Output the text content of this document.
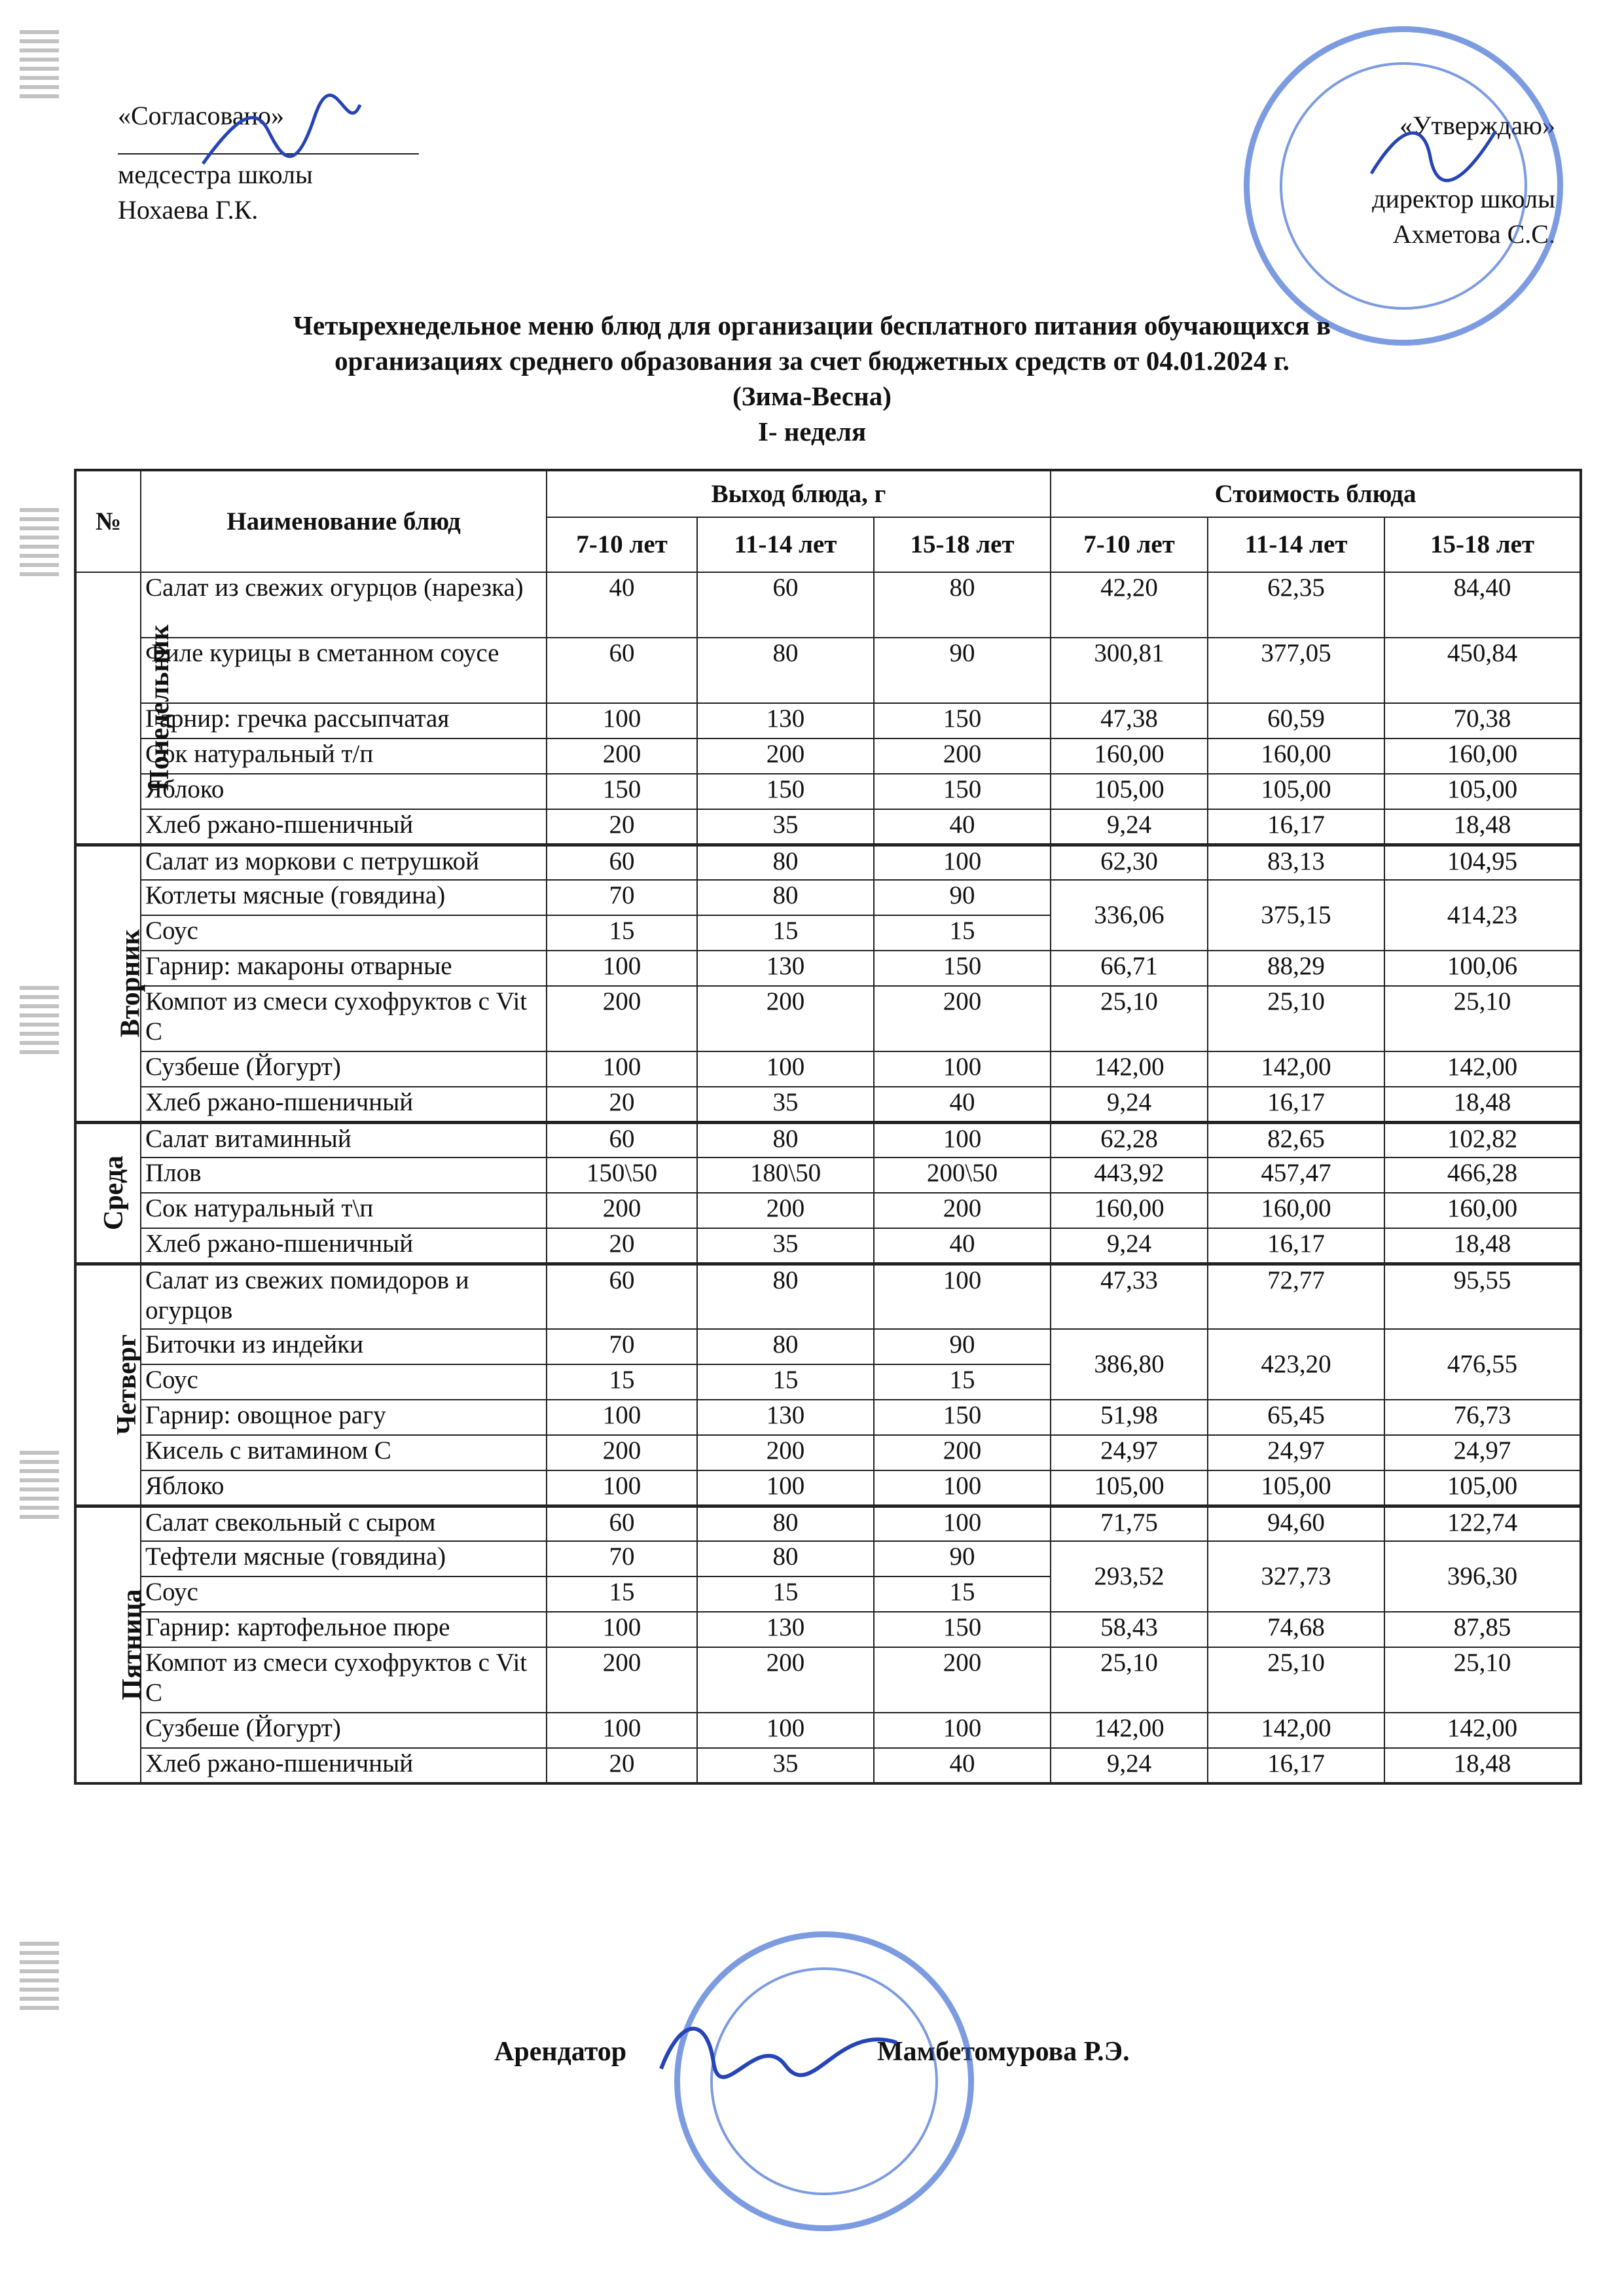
«Согласовано»
медсестра школы
Нохаева Г.К.
«Утверждаю»
директор школы
Ахметова С.С.
Четырехнедельное меню блюд для организации бесплатного питания обучающихся в
организациях среднего образования за счет бюджетных средств от 04.01.2024 г.
(Зима-Весна)
I- неделя
№	Наименование блюд	Выход блюда, г			Стоимость блюда		
		7-10 лет	11-14 лет	15-18 лет	7-10 лет	11-14 лет	15-18 лет
Понедельник	Салат из свежих огурцов (нарезка)	40	60	80	42,20	62,35	84,40
	Филе курицы в сметанном соусе	60	80	90	300,81	377,05	450,84
	Гарнир: гречка рассыпчатая	100	130	150	47,38	60,59	70,38
	Сок натуральный т/п	200	200	200	160,00	160,00	160,00
	Яблоко	150	150	150	105,00	105,00	105,00
	Хлеб ржано-пшеничный	20	35	40	9,24	16,17	18,48
Вторник	Салат из моркови с петрушкой	60	80	100	62,30	83,13	104,95
	Котлеты мясные (говядина)	70	80	90	336,06	375,15	414,23
	Соус	15	15	15			
	Гарнир: макароны отварные	100	130	150	66,71	88,29	100,06
	Компот из смеси сухофруктов с Vit C	200	200	200	25,10	25,10	25,10
	Сузбеше (Йогурт)	100	100	100	142,00	142,00	142,00
	Хлеб ржано-пшеничный	20	35	40	9,24	16,17	18,48
Среда	Салат витаминный	60	80	100	62,28	82,65	102,82
	Плов	150\50	180\50	200\50	443,92	457,47	466,28
	Сок натуральный т\п	200	200	200	160,00	160,00	160,00
	Хлеб ржано-пшеничный	20	35	40	9,24	16,17	18,48
Четверг	Салат из свежих помидоров и огурцов	60	80	100	47,33	72,77	95,55
	Биточки из индейки	70	80	90	386,80	423,20	476,55
	Соус	15	15	15			
	Гарнир: овощное рагу	100	130	150	51,98	65,45	76,73
	Кисель с витамином С	200	200	200	24,97	24,97	24,97
	Яблоко	100	100	100	105,00	105,00	105,00
Пятница	Салат свекольный с сыром	60	80	100	71,75	94,60	122,74
	Тефтели мясные (говядина)	70	80	90	293,52	327,73	396,30
	Соус	15	15	15			
	Гарнир: картофельное пюре	100	130	150	58,43	74,68	87,85
	Компот из смеси сухофруктов с Vit C	200	200	200	25,10	25,10	25,10
	Сузбеше (Йогурт)	100	100	100	142,00	142,00	142,00
	Хлеб ржано-пшеничный	20	35	40	9,24	16,17	18,48
Арендатор	Мамбетомурова Р.Э.
